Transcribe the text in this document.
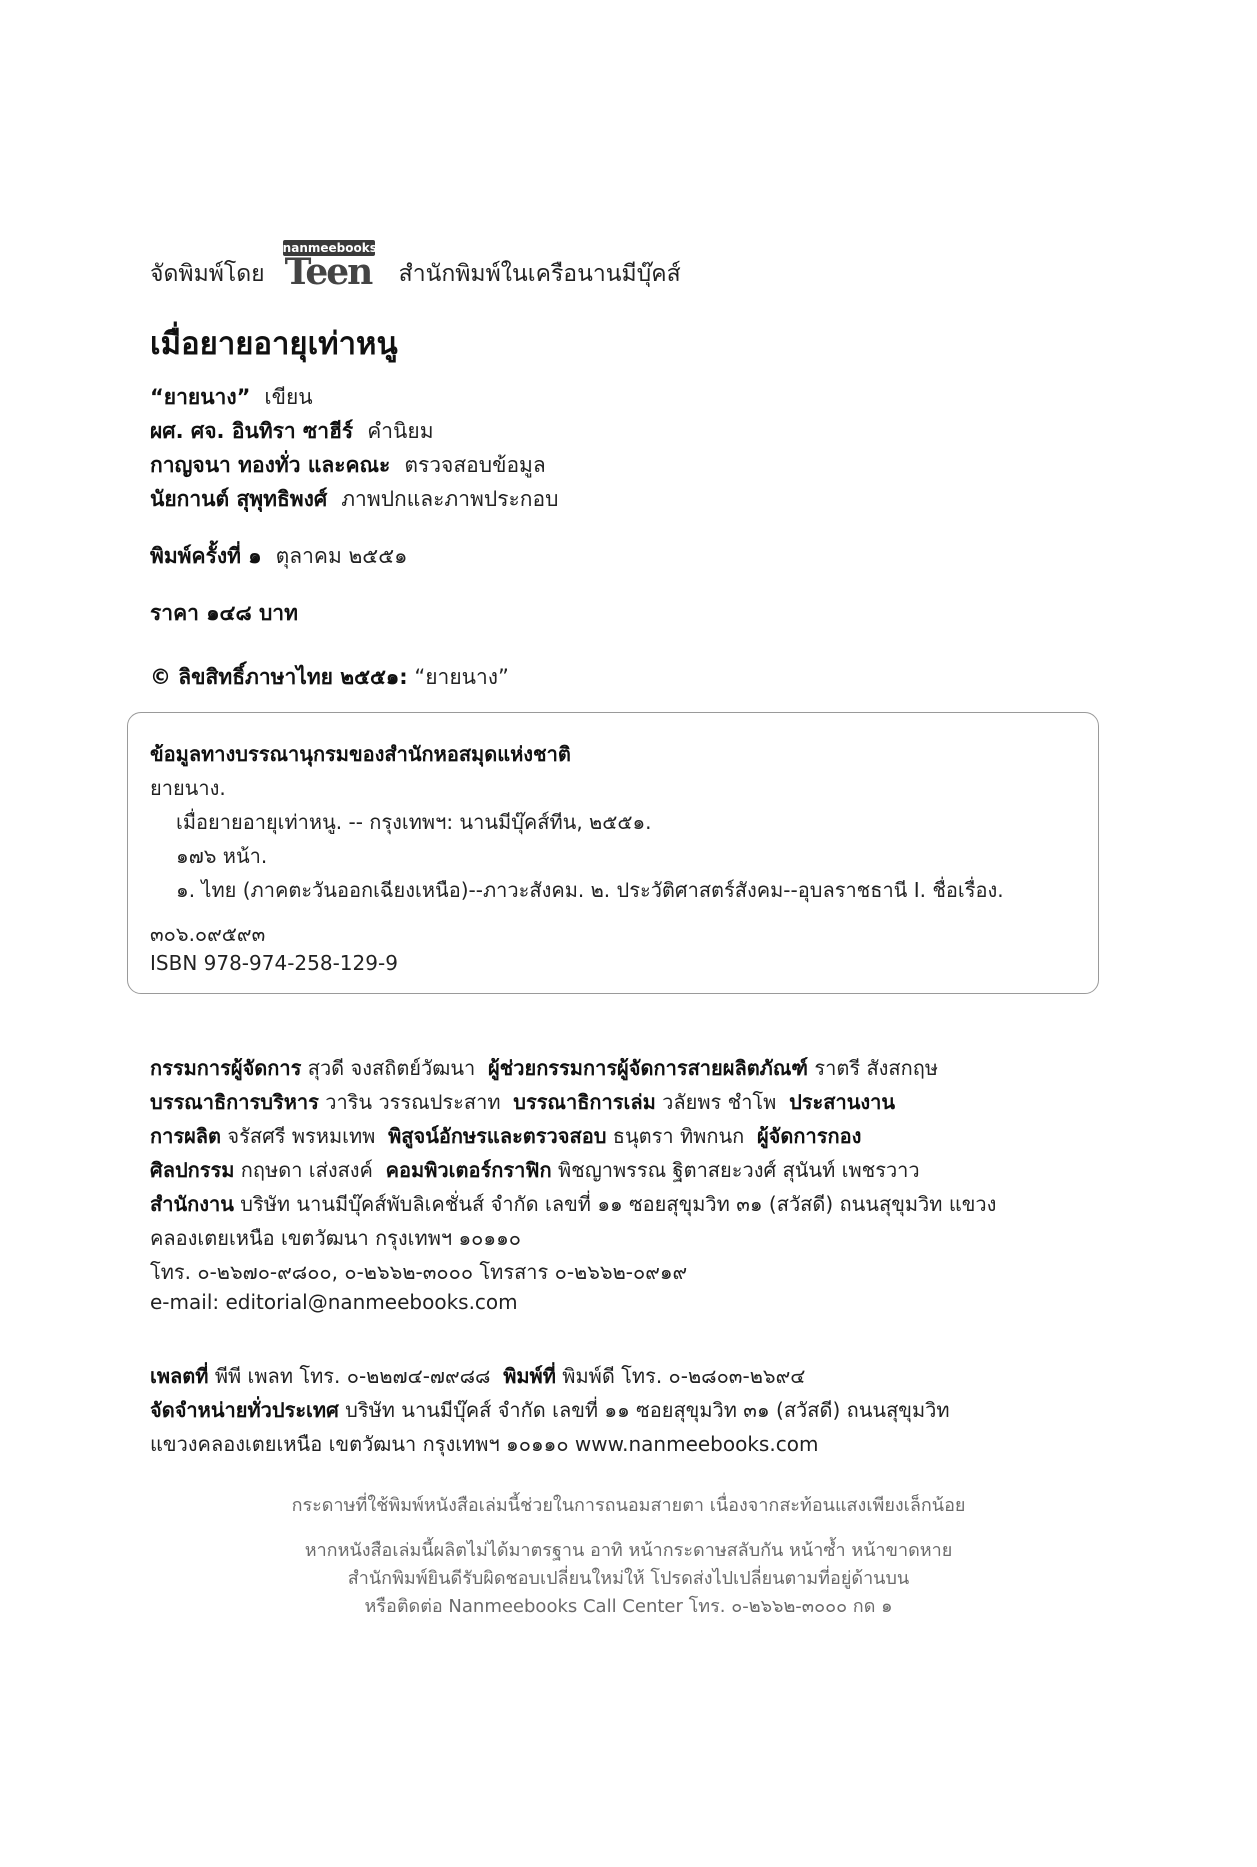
จัดพิมพ์โดย
nanmeebooks
Teen สำนักพิมพ์ในเครือนานมีบุ๊คส์
เมื่อยายอายุเท่าหนู
“ยายนาง” เขียน
ผศ. ศจ. อินทิรา ซาฮีร์ คำนิยม
กาญจนา ทองทั่ว และคณะ ตรวจสอบข้อมูล
นัยกานต์ สุพุทธิพงศ์ ภาพปกและภาพประกอบ
พิมพ์ครั้งที่ ๑ ตุลาคม ๒๕๕๑
ราคา ๑๔๘ บาท
© ลิขสิทธิ์ภาษาไทย ๒๕๕๑: “ยายนาง”
ข้อมูลทางบรรณานุกรมของสำนักหอสมุดแห่งชาติ
ยายนาง.
เมื่อยายอายุเท่าหนู. -- กรุงเทพฯ: นานมีบุ๊คส์ทีน, ๒๕๕๑.
๑๗๖ หน้า.
๑. ไทย (ภาคตะวันออกเฉียงเหนือ)--ภาวะสังคม. ๒. ประวัติศาสตร์สังคม--อุบลราชธานี I. ชื่อเรื่อง.
๓๐๖.๐๙๕๙๓
ISBN 978-974-258-129-9
กรรมการผู้จัดการ สุวดี จงสถิตย์วัฒนา ผู้ช่วยกรรมการผู้จัดการสายผลิตภัณฑ์ ราตรี สังสกฤษ
บรรณาธิการบริหาร วาริน วรรณประสาท บรรณาธิการเล่ม วลัยพร ชำโพ ประสานงาน
การผลิต จรัสศรี พรหมเทพ พิสูจน์อักษรและตรวจสอบ ธนุตรา ทิพกนก ผู้จัดการกอง
ศิลปกรรม กฤษดา เส่งสงค์ คอมพิวเตอร์กราฟิก พิชญาพรรณ ฐิตาสยะวงศ์ สุนันท์ เพชรวาว
สำนักงาน บริษัท นานมีบุ๊คส์พับลิเคชั่นส์ จำกัด เลขที่ ๑๑ ซอยสุขุมวิท ๓๑ (สวัสดี) ถนนสุขุมวิท แขวง
คลองเตยเหนือ เขตวัฒนา กรุงเทพฯ ๑๐๑๑๐
โทร. ๐-๒๖๗๐-๙๘๐๐, ๐-๒๖๖๒-๓๐๐๐ โทรสาร ๐-๒๖๖๒-๐๙๑๙
e-mail: editorial@nanmeebooks.com
เพลตที่ พีพี เพลท โทร. ๐-๒๒๗๔-๗๙๘๘ พิมพ์ที่ พิมพ์ดี โทร. ๐-๒๘๐๓-๒๖๙๔
จัดจำหน่ายทั่วประเทศ บริษัท นานมีบุ๊คส์ จำกัด เลขที่ ๑๑ ซอยสุขุมวิท ๓๑ (สวัสดี) ถนนสุขุมวิท
แขวงคลองเตยเหนือ เขตวัฒนา กรุงเทพฯ ๑๐๑๑๐ www.nanmeebooks.com
กระดาษที่ใช้พิมพ์หนังสือเล่มนี้ช่วยในการถนอมสายตา เนื่องจากสะท้อนแสงเพียงเล็กน้อย
หากหนังสือเล่มนี้ผลิตไม่ได้มาตรฐาน อาทิ หน้ากระดาษสลับกัน หน้าซ้ำ หน้าขาดหาย
สำนักพิมพ์ยินดีรับผิดชอบเปลี่ยนใหม่ให้ โปรดส่งไปเปลี่ยนตามที่อยู่ด้านบน
หรือติดต่อ Nanmeebooks Call Center โทร. ๐-๒๖๖๒-๓๐๐๐ กด ๑
